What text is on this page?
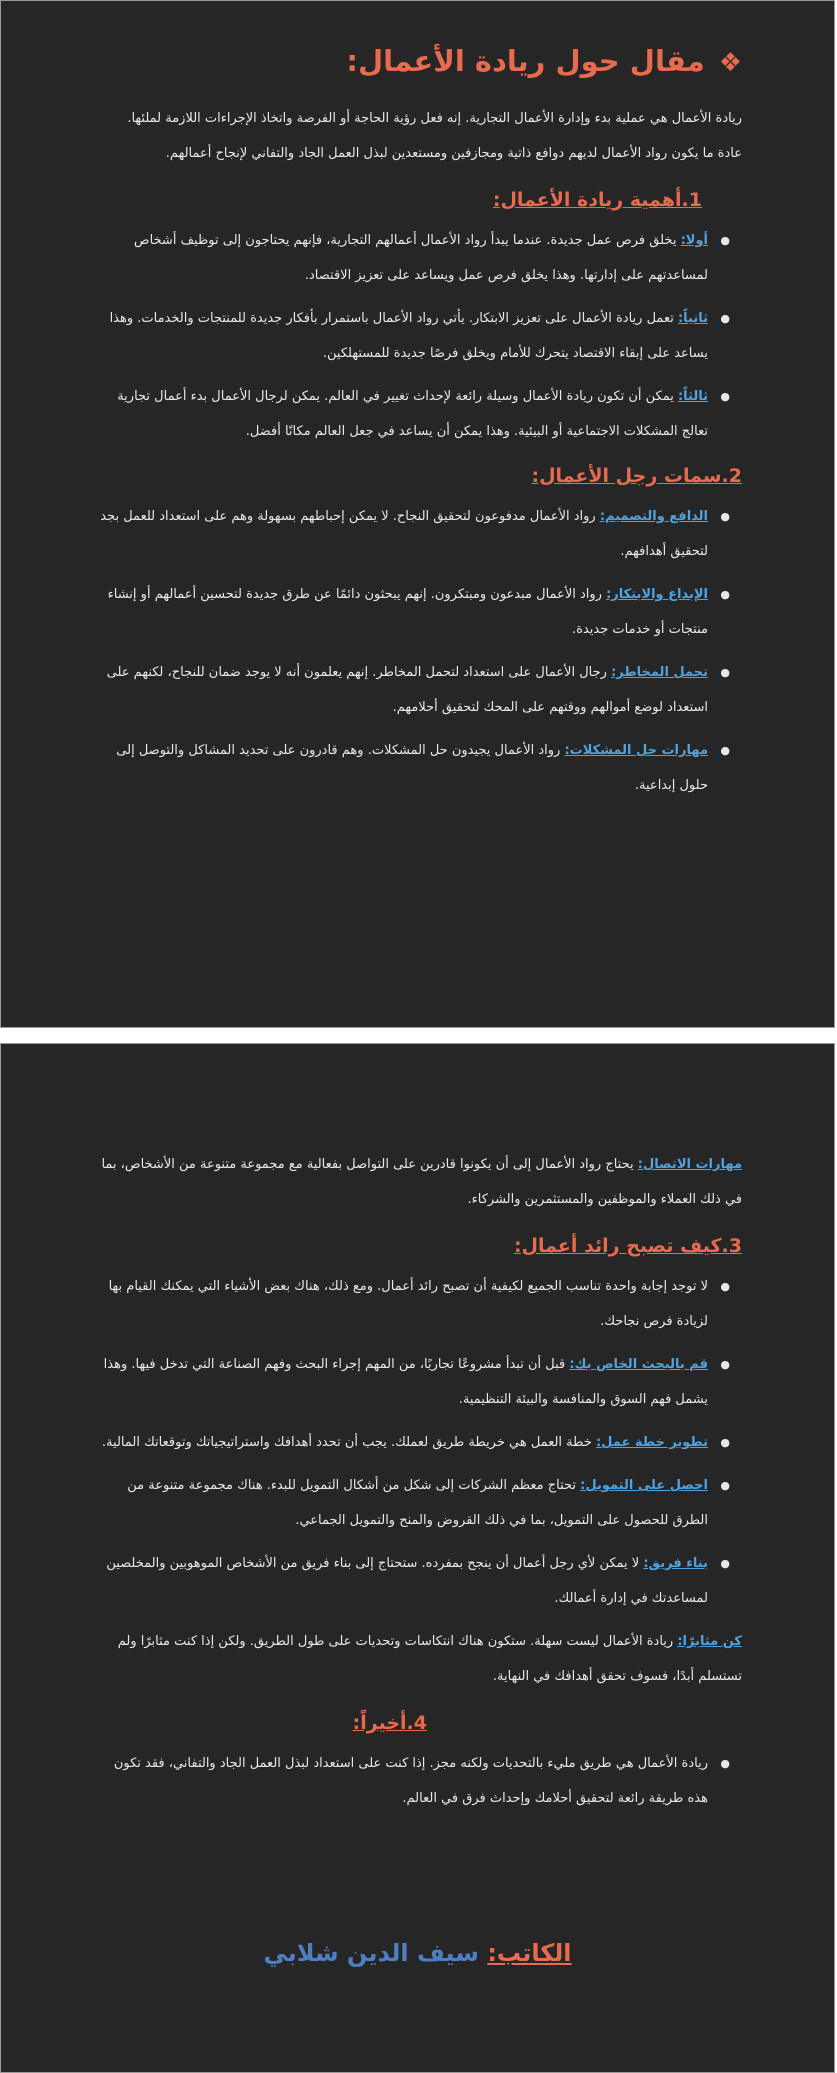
❖مقال حول ريادة الأعمال:

ريادة الأعمال هي عملية بدء وإدارة الأعمال التجارية. إنه فعل رؤية الحاجة أو الفرصة واتخاذ الإجراءات اللازمة لملئها. عادة ما يكون رواد الأعمال لديهم دوافع ذاتية ومجازفين ومستعدين لبذل العمل الجاد والتفاني لإنجاح أعمالهم.

1.أهمية ريادة الأعمال:
●
أولا: يخلق فرص عمل جديدة. عندما يبدأ رواد الأعمال أعمالهم التجارية، فإنهم يحتاجون إلى توظيف أشخاص لمساعدتهم على إدارتها. وهذا يخلق فرص عمل ويساعد على تعزيز الاقتصاد.
●
ثانياً: تعمل ريادة الأعمال على تعزيز الابتكار. يأتي رواد الأعمال باستمرار بأفكار جديدة للمنتجات والخدمات. وهذا يساعد على إبقاء الاقتصاد يتحرك للأمام ويخلق فرصًا جديدة للمستهلكين.
●
ثالثاً: يمكن أن تكون ريادة الأعمال وسيلة رائعة لإحداث تغيير في العالم. يمكن لرجال الأعمال بدء أعمال تجارية تعالج المشكلات الاجتماعية أو البيئية. وهذا يمكن أن يساعد في جعل العالم مكانًا أفضل.
2.سمات رجل الأعمال:
●
الدافع والتصميم: رواد الأعمال مدفوعون لتحقيق النجاح. لا يمكن إحباطهم بسهولة وهم على استعداد للعمل بجد لتحقيق أهدافهم.
●
الإبداع والابتكار: رواد الأعمال مبدعون ومبتكرون. إنهم يبحثون دائمًا عن طرق جديدة لتحسين أعمالهم أو إنشاء منتجات أو خدمات جديدة.
●
تحمل المخاطر: رجال الأعمال على استعداد لتحمل المخاطر. إنهم يعلمون أنه لا يوجد ضمان للنجاح، لكنهم على استعداد لوضع أموالهم ووقتهم على المحك لتحقيق أحلامهم.
●
مهارات حل المشكلات: رواد الأعمال يجيدون حل المشكلات. وهم قادرون على تحديد المشاكل والتوصل إلى حلول إبداعية.

مهارات الاتصال: يحتاج رواد الأعمال إلى أن يكونوا قادرين على التواصل بفعالية مع مجموعة متنوعة من الأشخاص، بما في ذلك العملاء والموظفين والمستثمرين والشركاء.

3.كيف تصبح رائد أعمال:
●
لا توجد إجابة واحدة تناسب الجميع لكيفية أن تصبح رائد أعمال. ومع ذلك، هناك بعض الأشياء التي يمكنك القيام بها لزيادة فرص نجاحك.
●
قم بالبحث الخاص بك: قبل أن تبدأ مشروعًا تجاريًا، من المهم إجراء البحث وفهم الصناعة التي تدخل فيها. وهذا يشمل فهم السوق والمنافسة والبيئة التنظيمية.
●
تطوير خطة عمل: خطة العمل هي خريطة طريق لعملك. يجب أن تحدد أهدافك واستراتيجياتك وتوقعاتك المالية.
●
احصل على التمويل: تحتاج معظم الشركات إلى شكل من أشكال التمويل للبدء. هناك مجموعة متنوعة من الطرق للحصول على التمويل، بما في ذلك القروض والمنح والتمويل الجماعي.
●
بناء فريق: لا يمكن لأي رجل أعمال أن ينجح بمفرده. ستحتاج إلى بناء فريق من الأشخاص الموهوبين والمخلصين لمساعدتك في إدارة أعمالك.

كن مثابرًا: ريادة الأعمال ليست سهلة. ستكون هناك انتكاسات وتحديات على طول الطريق. ولكن إذا كنت مثابرًا ولم تستسلم أبدًا، فسوف تحقق أهدافك في النهاية.

4.أخيراً:
●
ريادة الأعمال هي طريق مليء بالتحديات ولكنه مجز. إذا كنت على استعداد لبذل العمل الجاد والتفاني، فقد تكون هذه طريقة رائعة لتحقيق أحلامك وإحداث فرق في العالم.
الكاتب: سيف الدين شلابي
